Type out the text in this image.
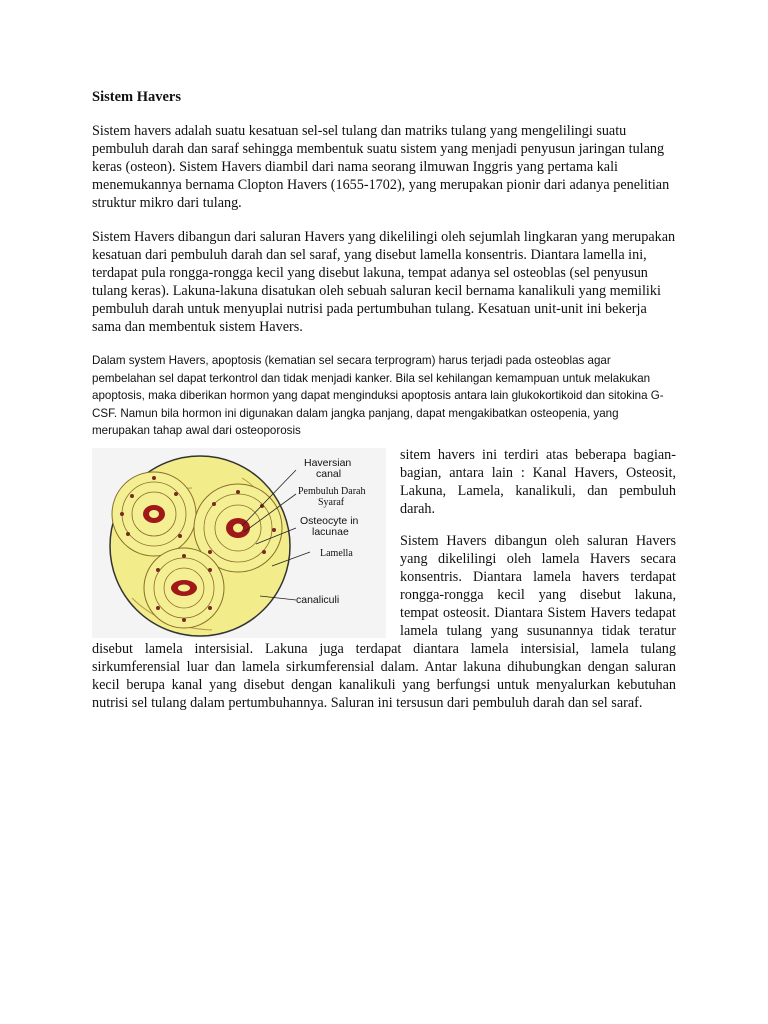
Sistem Havers

Sistem havers adalah suatu kesatuan sel-sel tulang dan matriks tulang yang mengelilingi suatu pembuluh darah dan saraf sehingga membentuk suatu sistem yang menjadi penyusun jaringan tulang keras (osteon). Sistem Havers diambil dari nama seorang ilmuwan Inggris yang pertama kali menemukannya bernama Clopton Havers (1655-1702), yang merupakan pionir dari adanya penelitian struktur mikro dari tulang.

Sistem Havers dibangun dari saluran Havers yang dikelilingi oleh sejumlah lingkaran yang merupakan kesatuan dari pembuluh darah dan sel saraf, yang disebut lamella konsentris. Diantara lamella ini, terdapat pula rongga-rongga kecil yang disebut lakuna, tempat adanya sel osteoblas (sel penyusun tulang keras). Lakuna-lakuna disatukan oleh sebuah saluran kecil bernama kanalikuli yang memiliki pembuluh darah untuk menyuplai nutrisi pada pertumbuhan tulang. Kesatuan unit-unit ini bekerja sama dan membentuk sistem Havers.

Dalam system Havers, apoptosis (kematian sel secara terprogram) harus terjadi pada osteoblas agar pembelahan sel dapat terkontrol dan tidak menjadi kanker. Bila sel kehilangan kemampuan untuk melakukan apoptosis, maka diberikan hormon yang dapat menginduksi apoptosis antara lain glukokortikoid dan sitokina G-CSF. Namun bila hormon ini digunakan dalam jangka panjang, dapat mengakibatkan osteopenia, yang merupakan tahap awal dari osteoporosis

Haversian
canal
Pembuluh Darah
Syaraf
Osteocyte in
lacunae
Lamella
canaliculi

sitem havers ini terdiri atas beberapa bagian-bagian, antara lain : Kanal Havers, Osteosit, Lakuna, Lamela, kanalikuli, dan pembuluh darah.

Sistem Havers dibangun oleh saluran Havers yang dikelilingi oleh lamela Havers secara konsentris. Diantara lamela havers terdapat rongga-rongga kecil yang disebut lakuna, tempat osteosit. Diantara Sistem Havers tedapat lamela tulang yang susunannya tidak teratur disebut lamela intersisial. Lakuna juga terdapat diantara lamela intersisial, lamela tulang sirkumferensial luar dan lamela sirkumferensial dalam. Antar lakuna dihubungkan dengan saluran kecil berupa kanal yang disebut dengan kanalikuli yang berfungsi untuk menyalurkan kebutuhan nutrisi sel tulang dalam pertumbuhannya. Saluran ini tersusun dari pembuluh darah dan sel saraf.
